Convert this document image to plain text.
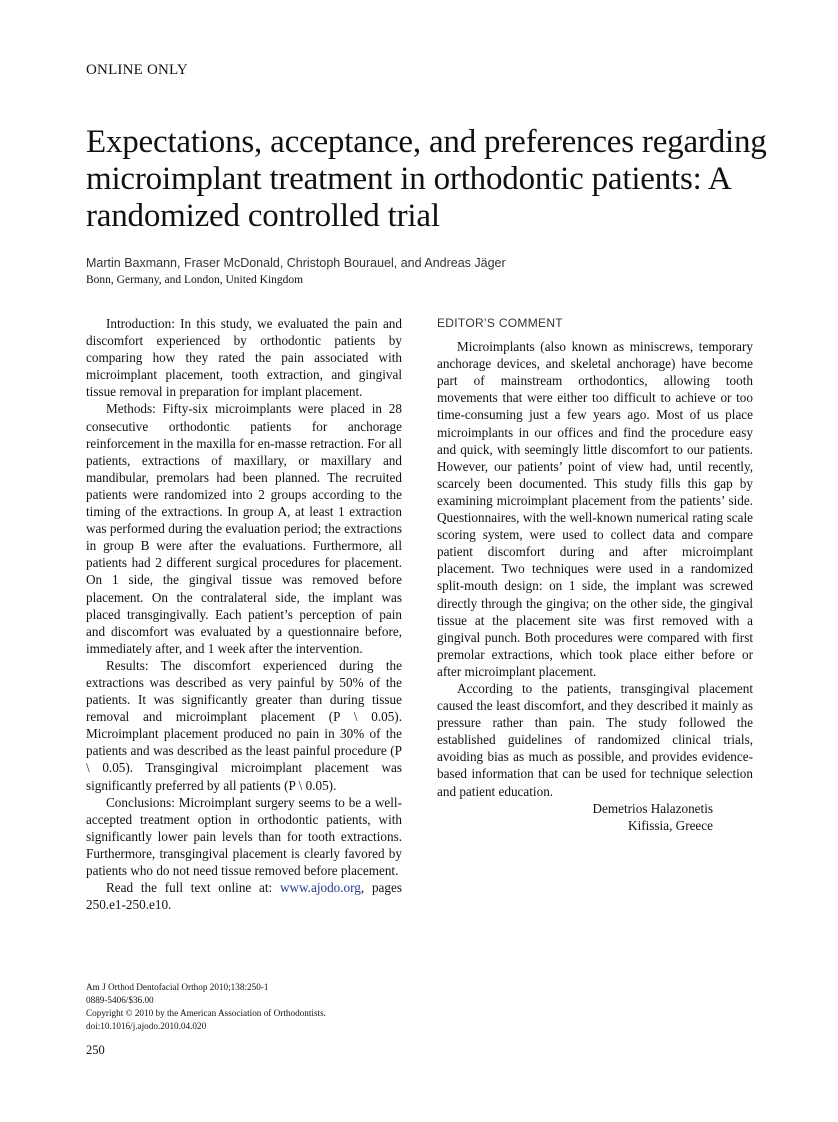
ONLINE ONLY
Expectations, acceptance, and preferences regarding microimplant treatment in orthodontic patients: A randomized controlled trial
Martin Baxmann, Fraser McDonald, Christoph Bourauel, and Andreas Jäger
Bonn, Germany, and London, United Kingdom

Introduction: In this study, we evaluated the pain and discomfort experienced by orthodontic patients by comparing how they rated the pain associated with microimplant placement, tooth extraction, and gingival tissue removal in preparation for implant placement.

Methods: Fifty-six microimplants were placed in 28 consecutive orthodontic patients for anchorage reinforcement in the maxilla for en-masse retraction. For all patients, extractions of maxillary, or maxillary and mandibular, premolars had been planned. The recruited patients were randomized into 2 groups according to the timing of the extractions. In group A, at least 1 extraction was performed during the evaluation period; the extractions in group B were after the evaluations. Furthermore, all patients had 2 different surgical procedures for placement. On 1 side, the gingival tissue was removed before placement. On the contralateral side, the implant was placed transgingivally. Each patient’s perception of pain and discomfort was evaluated by a questionnaire before, immediately after, and 1 week after the intervention.

Results: The discomfort experienced during the extractions was described as very painful by 50% of the patients. It was significantly greater than during tissue removal and microimplant placement (P \ 0.05). Microimplant placement produced no pain in 30% of the patients and was described as the least painful procedure (P \ 0.05). Transgingival microimplant placement was significantly preferred by all patients (P \ 0.05).

Conclusions: Microimplant surgery seems to be a well-accepted treatment option in orthodontic patients, with significantly lower pain levels than for tooth extractions. Furthermore, transgingival placement is clearly favored by patients who do not need tissue removed before placement.

Read the full text online at: www.ajodo.org, pages 250.e1-250.e10.

EDITOR’S COMMENT

Microimplants (also known as miniscrews, temporary anchorage devices, and skeletal anchorage) have become part of mainstream orthodontics, allowing tooth movements that were either too difficult to achieve or too time-consuming just a few years ago. Most of us place microimplants in our offices and find the procedure easy and quick, with seemingly little discomfort to our patients. However, our patients’ point of view had, until recently, scarcely been documented. This study fills this gap by examining microimplant placement from the patients’ side. Questionnaires, with the well-known numerical rating scale scoring system, were used to collect data and compare patient discomfort during and after microimplant placement. Two techniques were used in a randomized split-mouth design: on 1 side, the implant was screwed directly through the gingiva; on the other side, the gingival tissue at the placement site was first removed with a gingival punch. Both procedures were compared with first premolar extractions, which took place either before or after microimplant placement.

According to the patients, transgingival placement caused the least discomfort, and they described it mainly as pressure rather than pain. The study followed the established guidelines of randomized clinical trials, avoiding bias as much as possible, and provides evidence-based information that can be used for technique selection and patient education.

Demetrios Halazonetis

Kifissia, Greece

Am J Orthod Dentofacial Orthop 2010;138:250-1
0889-5406/$36.00
Copyright © 2010 by the American Association of Orthodontists.
doi:10.1016/j.ajodo.2010.04.020
250
